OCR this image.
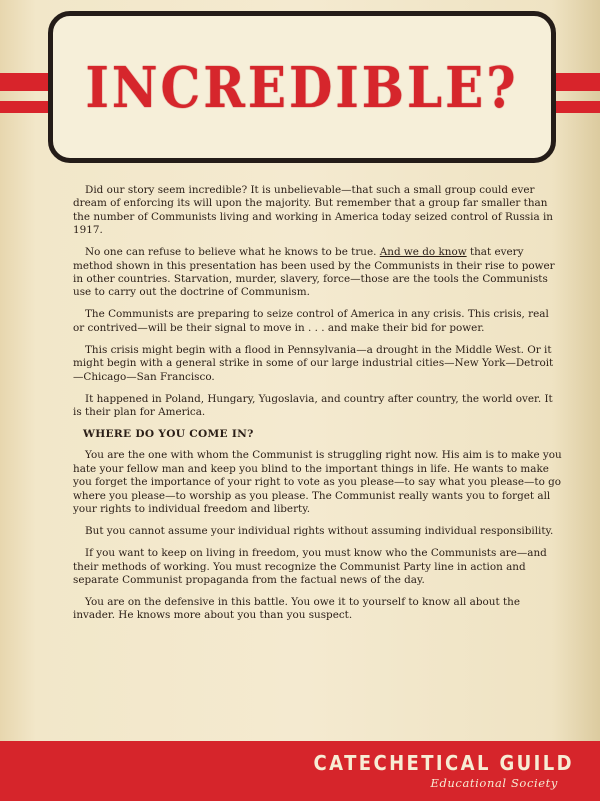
INCREDIBLE?

Did our story seem incredible? It is unbelievable—that such a small group could ever dream of enforcing its will upon the majority. But remember that a group far smaller than the number of Communists living and working in America today seized control of Russia in 1917.

No one can refuse to believe what he knows to be true. And we do know that every method shown in this presentation has been used by the Communists in their rise to power in other countries. Starvation, murder, slavery, force—those are the tools the Communists use to carry out the doctrine of Communism.

The Communists are preparing to seize control of America in any crisis. This crisis, real or contrived—will be their signal to move in . . . and make their bid for power.

This crisis might begin with a flood in Pennsylvania—a drought in the Middle West. Or it might begin with a general strike in some of our large industrial cities—New York—Detroit—Chicago—San Francisco.

It happened in Poland, Hungary, Yugoslavia, and country after country, the world over. It is their plan for America.

WHERE DO YOU COME IN?

You are the one with whom the Communist is struggling right now. His aim is to make you hate your fellow man and keep you blind to the important things in life. He wants to make you forget the importance of your right to vote as you please—to say what you please—to go where you please—to worship as you please. The Communist really wants you to forget all your rights to individual freedom and liberty.

But you cannot assume your individual rights without assuming individual responsibility.

If you want to keep on living in freedom, you must know who the Communists are—and their methods of working. You must recognize the Communist Party line in action and separate Communist propaganda from the factual news of the day.

You are on the defensive in this battle. You owe it to yourself to know all about the invader. He knows more about you than you suspect.

CATECHETICAL GUILD
Educational Society
